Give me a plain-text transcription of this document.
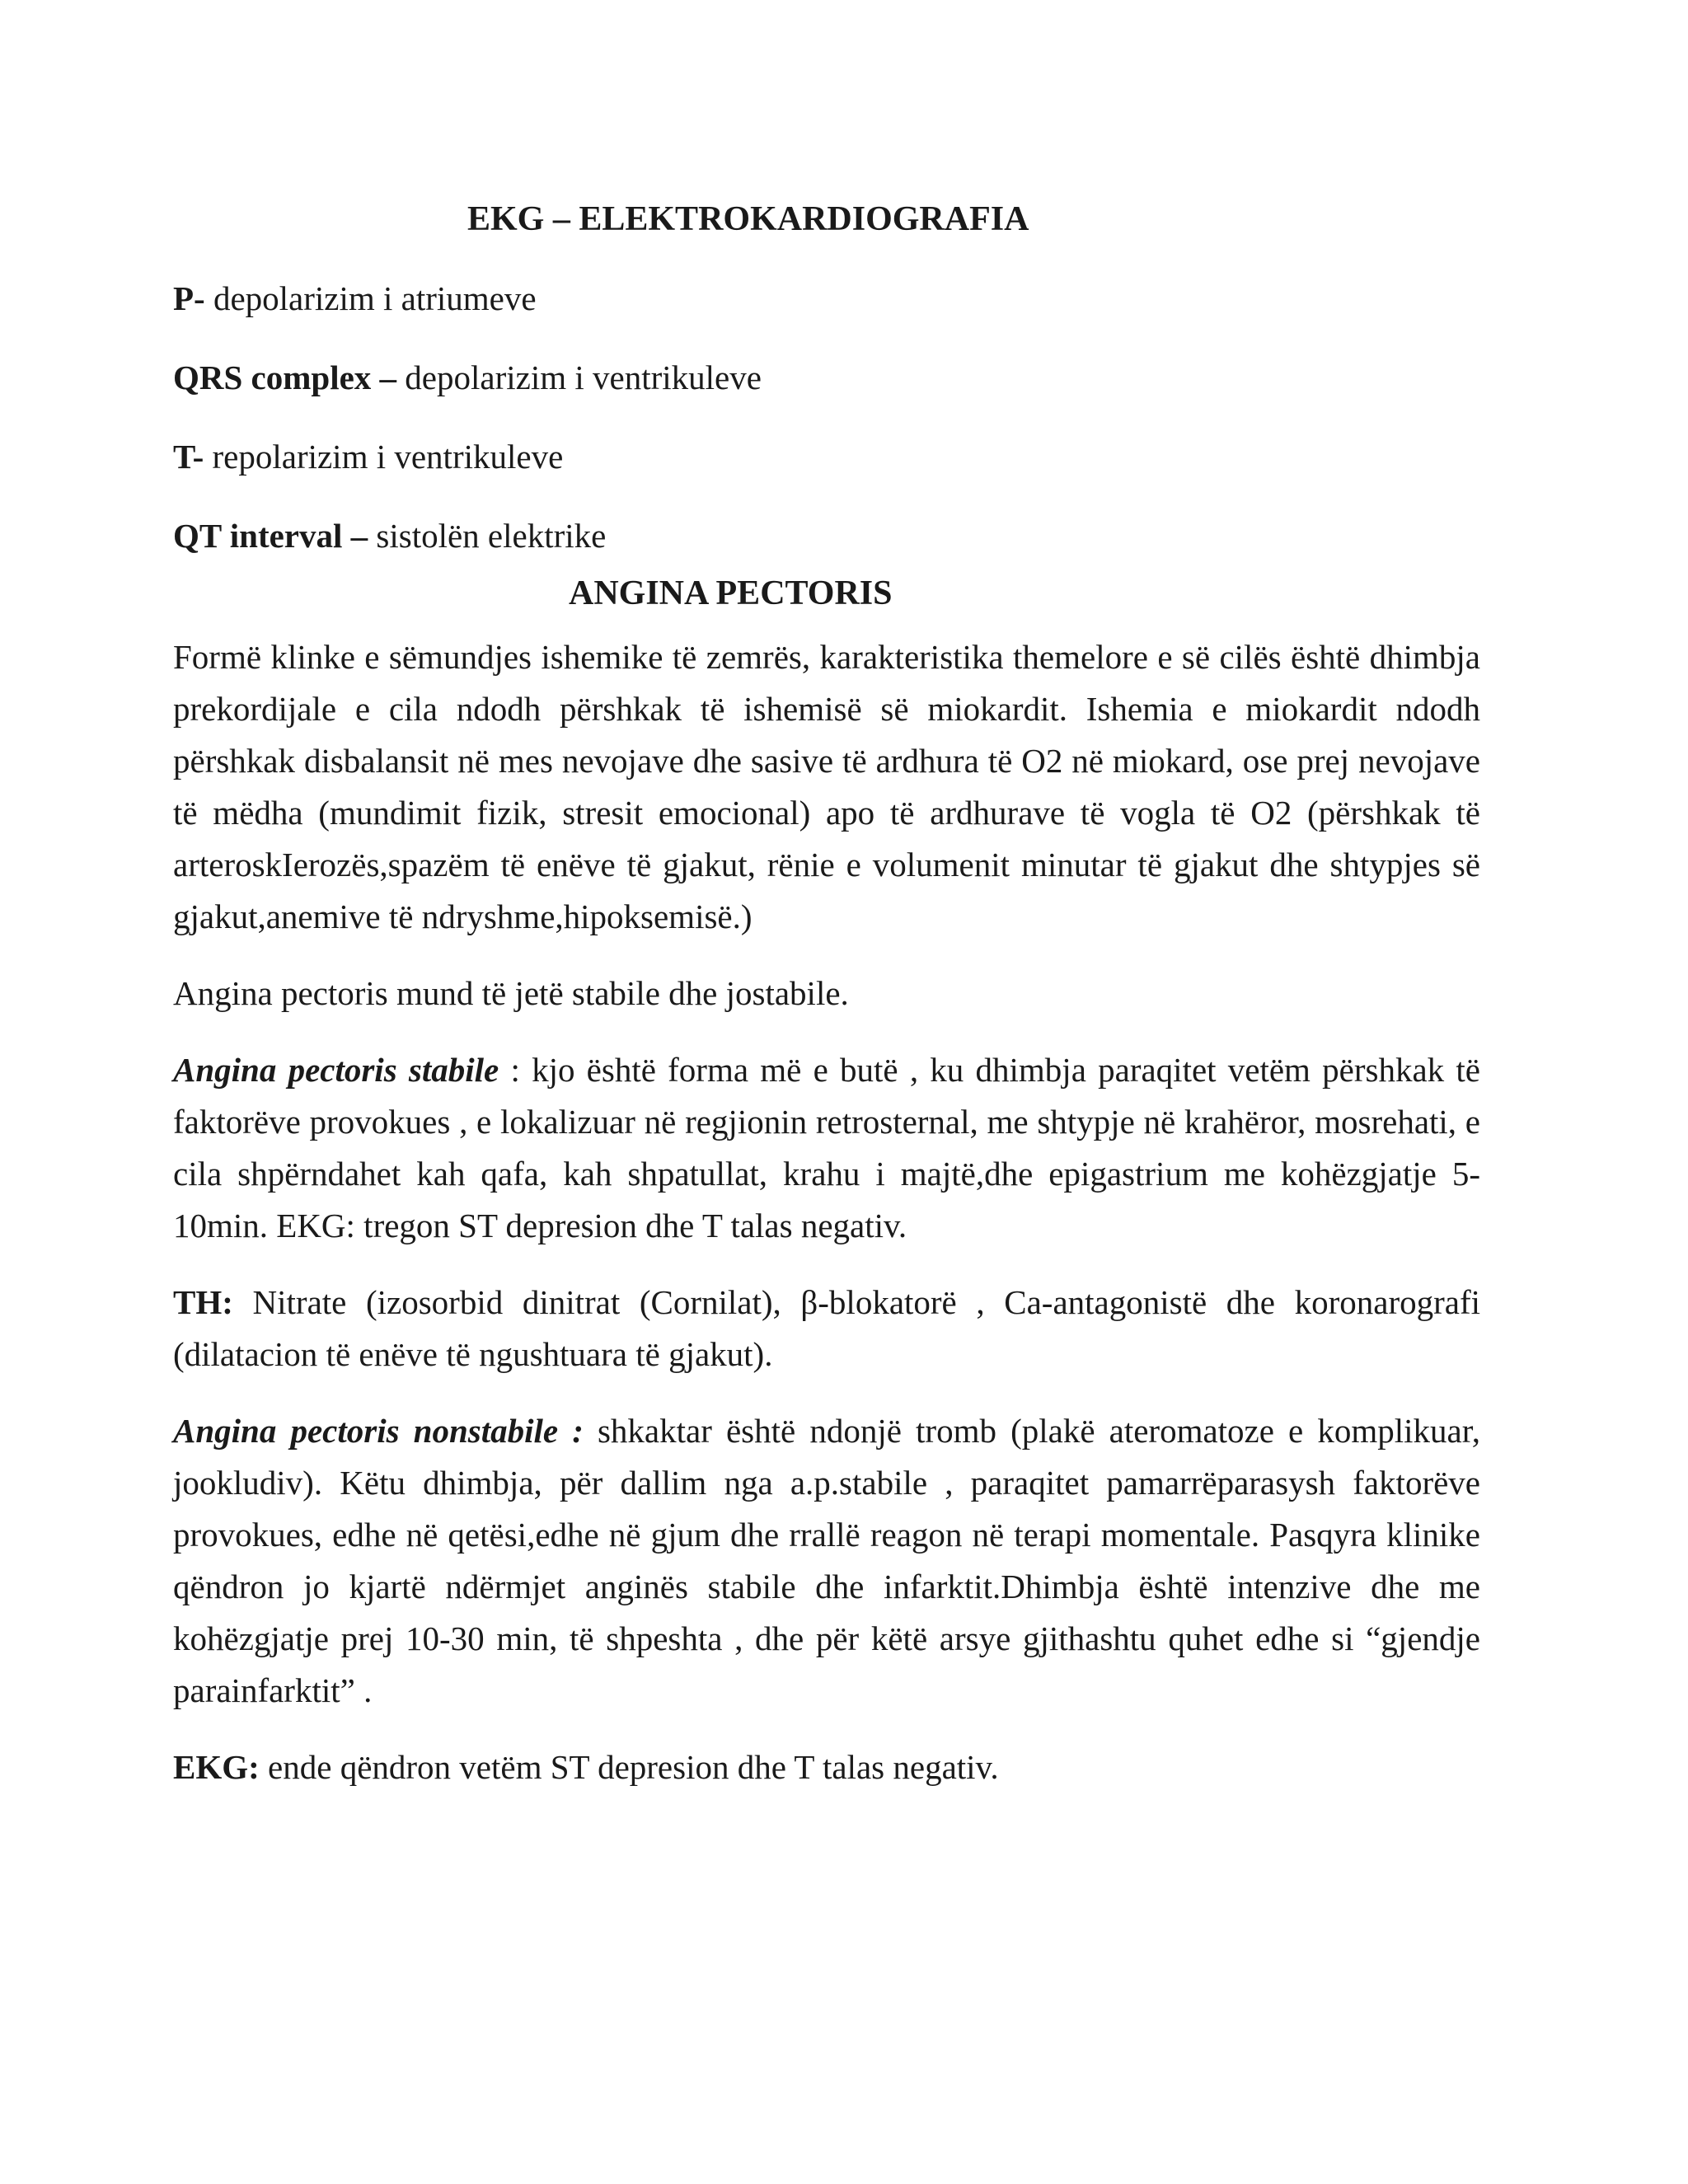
EKG – ELEKTROKARDIOGRAFIA

P- depolarizim i atriumeve

QRS complex – depolarizim i ventrikuleve

T- repolarizim i ventrikuleve

QT interval – sistolën elektrike

ANGINA PECTORIS

Formë klinke e sëmundjes ishemike të zemrës, karakteristika themelore e së cilës është dhimbja prekordijale e cila ndodh përshkak të ishemisë së miokardit. Ishemia e miokardit ndodh përshkak disbalansit në mes nevojave dhe sasive të ardhura të O2 në miokard, ose prej nevojave të mëdha (mundimit fizik, stresit emocional) apo të ardhurave të vogla të O2 (përshkak të arteroskIerozës,spazëm të enëve të gjakut, rënie e volumenit minutar të gjakut dhe shtypjes së gjakut,anemive të ndryshme,hipoksemisë.)

Angina pectoris mund të jetë stabile dhe jostabile.

Angina pectoris stabile : kjo është forma më e butë , ku dhimbja paraqitet vetëm përshkak të faktorëve provokues , e lokalizuar në regjionin retrosternal, me shtypje në krahëror, mosrehati, e cila shpërndahet kah qafa, kah shpatullat, krahu i majtë,dhe epigastrium me kohëzgjatje 5-10min. EKG: tregon ST depresion dhe T talas negativ.

TH: Nitrate (izosorbid dinitrat (Cornilat), β-blokatorë , Ca-antagonistë dhe koronarografi (dilatacion të enëve të ngushtuara të gjakut).

Angina pectoris nonstabile : shkaktar është ndonjë tromb (plakë ateromatoze e komplikuar, jookludiv). Këtu dhimbja, për dallim nga a.p.stabile , paraqitet pamarrëparasysh faktorëve provokues, edhe në qetësi,edhe në gjum dhe rrallë reagon në terapi momentale. Pasqyra klinike qëndron jo kjartë ndërmjet anginës stabile dhe infarktit.Dhimbja është intenzive dhe me kohëzgjatje prej 10-30 min, të shpeshta , dhe për këtë arsye gjithashtu quhet edhe si “gjendje parainfarktit” .

EKG: ende qëndron vetëm ST depresion dhe T talas negativ.
